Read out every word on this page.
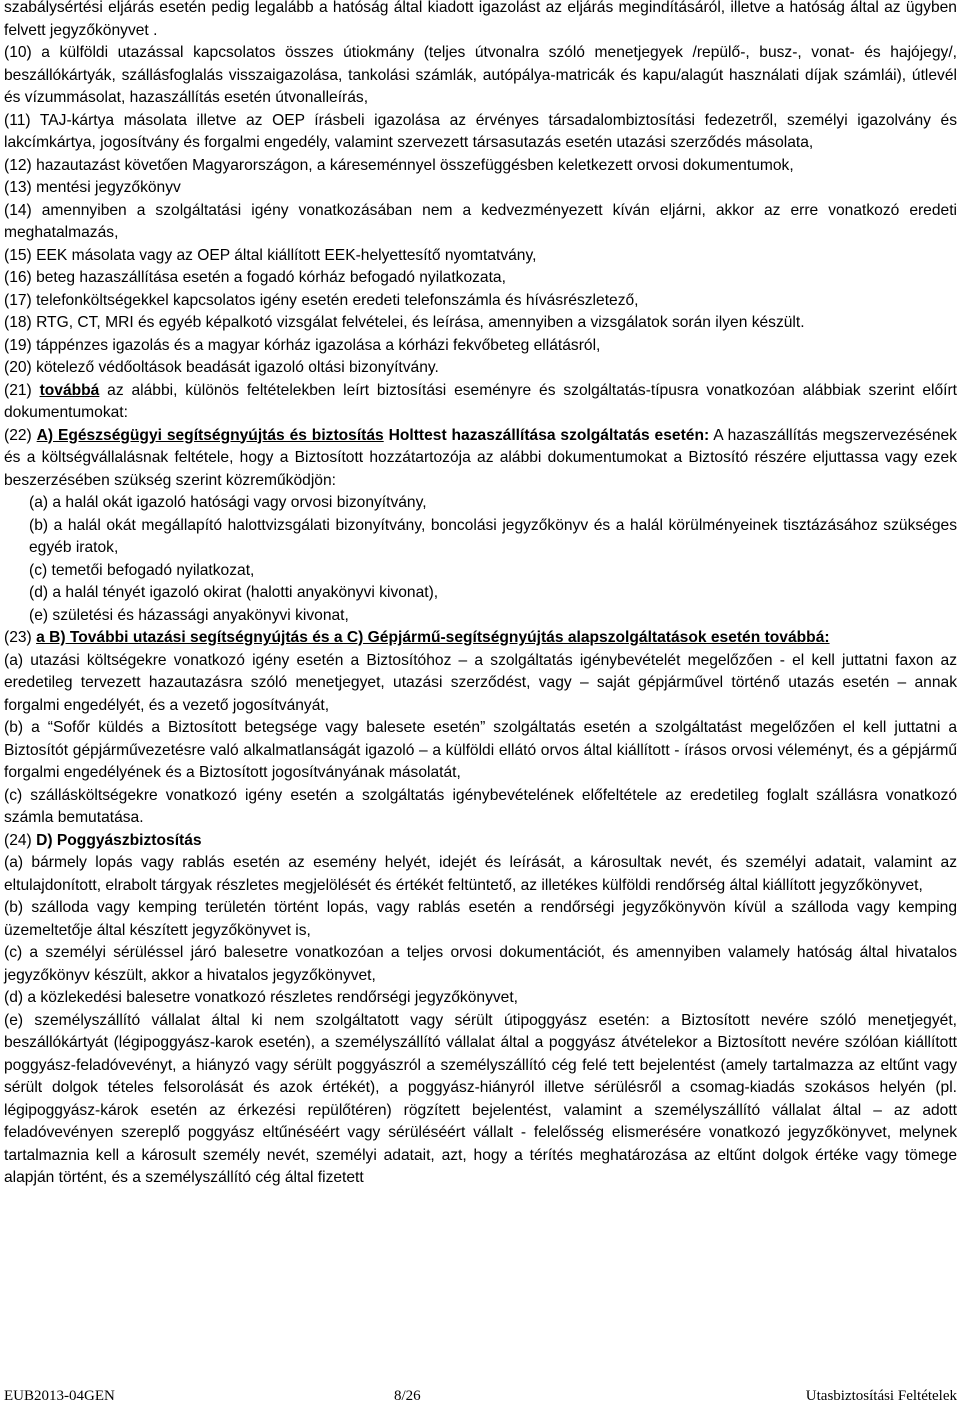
szabálysértési eljárás esetén pedig legalább a hatóság által kiadott igazolást az eljárás megindításáról, illetve a hatóság által az ügyben felvett jegyzőkönyvet .

(10) a külföldi utazással kapcsolatos összes útiokmány (teljes útvonalra szóló menetjegyek /repülő-, busz-, vonat- és hajójegy/, beszállókártyák, szállásfoglalás visszaigazolása, tankolási számlák, autópálya-matricák és kapu/alagút használati díjak számlái), útlevél és vízummásolat, hazaszállítás esetén útvonalleírás,

(11) TAJ-kártya másolata illetve az OEP írásbeli igazolása az érvényes társadalombiztosítási fedezetről, személyi igazolvány és lakcímkártya, jogosítvány és forgalmi engedély, valamint szervezett társasutazás esetén utazási szerződés másolata,

(12) hazautazást követően Magyarországon, a káreseménnyel összefüggésben keletkezett orvosi dokumentumok,

(13) mentési jegyzőkönyv

(14) amennyiben a szolgáltatási igény vonatkozásában nem a kedvezményezett kíván eljárni, akkor az erre vonatkozó eredeti meghatalmazás,

(15) EEK másolata vagy az OEP által kiállított EEK-helyettesítő nyomtatvány,

(16) beteg hazaszállítása esetén a fogadó kórház befogadó nyilatkozata,

(17) telefonköltségekkel kapcsolatos igény esetén eredeti telefonszámla és hívásrészletező,

(18) RTG, CT, MRI és egyéb képalkotó vizsgálat felvételei, és leírása, amennyiben a vizsgálatok során ilyen készült.

(19) táppénzes igazolás és a magyar kórház igazolása a kórházi fekvőbeteg ellátásról,

(20) kötelező védőoltások beadását igazoló oltási bizonyítvány.

(21) továbbá az alábbi, különös feltételekben leírt biztosítási eseményre és szolgáltatás-típusra vonatkozóan alábbiak szerint előírt dokumentumokat:

(22) A) Egészségügyi segítségnyújtás és biztosítás Holttest hazaszállítása szolgáltatás esetén: A hazaszállítás megszervezésének és a költségvállalásnak feltétele, hogy a Biztosított hozzátartozója az alábbi dokumentumokat a Biztosító részére eljuttassa vagy ezek beszerzésében szükség szerint közreműködjön:

(a) a halál okát igazoló hatósági vagy orvosi bizonyítvány,

(b) a halál okát megállapító halottvizsgálati bizonyítvány, boncolási jegyzőkönyv és a halál körülményeinek tisztázásához szükséges egyéb iratok,

(c) temetői befogadó nyilatkozat,

(d) a halál tényét igazoló okirat (halotti anyakönyvi kivonat),

(e) születési és házassági anyakönyvi kivonat,

(23) a B) További utazási segítségnyújtás és a C) Gépjármű-segítségnyújtás alapszolgáltatások esetén továbbá:

(a) utazási költségekre vonatkozó igény esetén a Biztosítóhoz – a szolgáltatás igénybevételét megelőzően - el kell juttatni faxon az eredetileg tervezett hazautazásra szóló menetjegyet, utazási szerződést, vagy – saját gépjárművel történő utazás esetén – annak forgalmi engedélyét, és a vezető jogosítványát,

(b) a “Sofőr küldés a Biztosított betegsége vagy balesete esetén” szolgáltatás esetén a szolgáltatást megelőzően el kell juttatni a Biztosítót gépjárművezetésre való alkalmatlanságát igazoló – a külföldi ellátó orvos által kiállított - írásos orvosi véleményt, és a gépjármű forgalmi engedélyének és a Biztosított jogosítványának másolatát,

(c) szállásköltségekre vonatkozó igény esetén a szolgáltatás igénybevételének előfeltétele az eredetileg foglalt szállásra vonatkozó számla bemutatása.

(24) D) Poggyászbiztosítás

(a) bármely lopás vagy rablás esetén az esemény helyét, idejét és leírását, a károsultak nevét, és személyi adatait, valamint az eltulajdonított, elrabolt tárgyak részletes megjelölését és értékét feltüntető, az illetékes külföldi rendőrség által kiállított jegyzőkönyvet,

(b) szálloda vagy kemping területén történt lopás, vagy rablás esetén a rendőrségi jegyzőkönyvön kívül a szálloda vagy kemping üzemeltetője által készített jegyzőkönyvet is,

(c) a személyi sérüléssel járó balesetre vonatkozóan a teljes orvosi dokumentációt, és amennyiben valamely hatóság által hivatalos jegyzőkönyv készült, akkor a hivatalos jegyzőkönyvet,

(d) a közlekedési balesetre vonatkozó részletes rendőrségi jegyzőkönyvet,

(e) személyszállító vállalat által ki nem szolgáltatott vagy sérült útipoggyász esetén: a Biztosított nevére szóló menetjegyét, beszállókártyát (légipoggyász-karok esetén), a személyszállító vállalat által a poggyász átvételekor a Biztosított nevére szólóan kiállított poggyász-feladóvevényt, a hiányzó vagy sérült poggyászról a személyszállító cég felé tett bejelentést (amely tartalmazza az eltűnt vagy sérült dolgok tételes felsorolását és azok értékét), a poggyász-hiányról illetve sérülésről a csomag-kiadás szokásos helyén (pl. légipoggyász-károk esetén az érkezési repülőtéren) rögzített bejelentést, valamint a személyszállító vállalat által – az adott feladóvevényen szereplő poggyász eltűnéséért vagy sérüléséért vállalt - felelősség elismerésére vonatkozó jegyzőkönyvet, melynek tartalmaznia kell a károsult személy nevét, személyi adatait, azt, hogy a térítés meghatározása az eltűnt dolgok értéke vagy tömege alapján történt, és a személyszállító cég által fizetett

EUB2013-04GEN	8/26	Utasbiztosítási Feltételek
